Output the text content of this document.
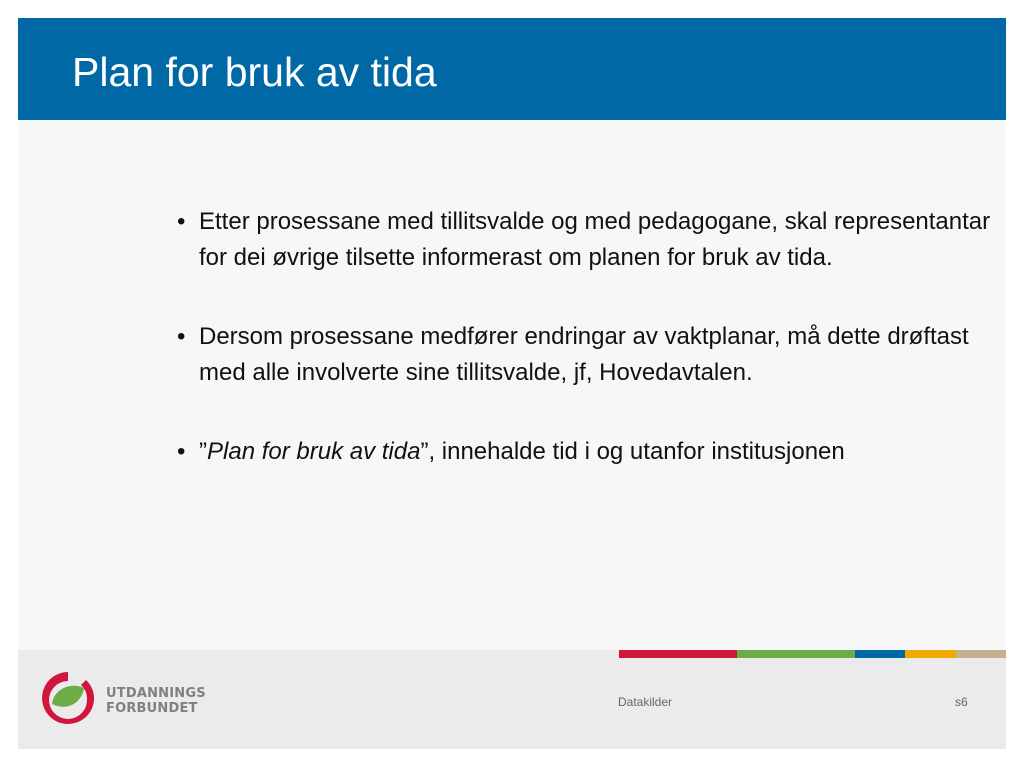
Plan for bruk av tida
• Etter prosessane med tillitsvalde og med pedagogane, skal representantar for dei øvrige tilsette informerast om planen for bruk av tida.
• Dersom prosessane medfører endringar av vaktplanar, må dette drøftast med alle involverte sine tillitsvalde, jf, Hovedavtalen.
• ”Plan for bruk av tida”, innehalde tid i og utanfor institusjonen
UTDANNINGS
FORBUNDET	Datakilder	s6
